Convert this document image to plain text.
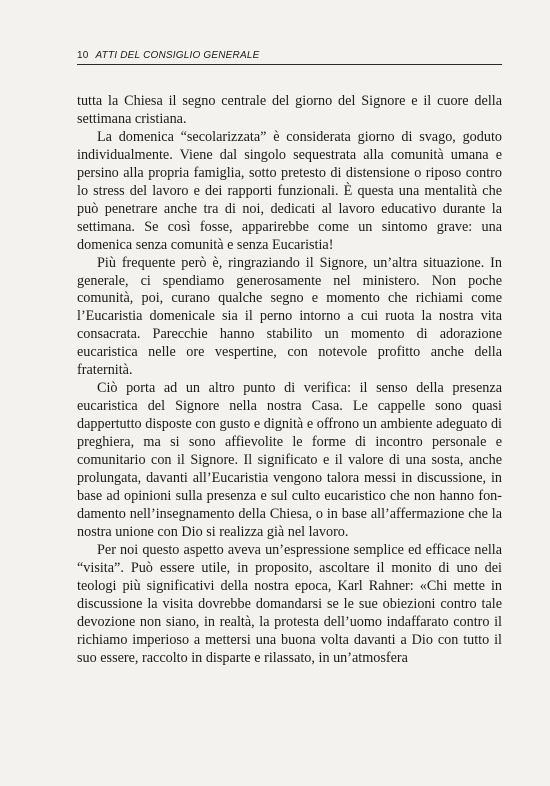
10 ATTI DEL CONSIGLIO GENERALE

tutta la Chiesa il segno centrale del giorno del Signore e il cuore della settimana cristiana.

La domenica “secolarizzata” è considerata giorno di svago, goduto individualmente. Viene dal singolo sequestrata alla comunità umana e persino alla propria famiglia, sotto pretesto di distensione o riposo contro lo stress del lavoro e dei rapporti funzionali. È questa una mentalità che può penetrare anche tra di noi, dedicati al lavoro educativo durante la settimana. Se così fosse, apparirebbe come un sintomo grave: una domenica senza comunità e senza Eucaristia!

Più frequente però è, ringraziando il Signore, un’altra situazione. In generale, ci spendiamo generosamente nel ministero. Non poche comunità, poi, curano qualche segno e momento che richiami come l’Eucaristia domenicale sia il perno intorno a cui ruota la nostra vita consacrata. Parecchie hanno stabilito un momento di adorazione eucaristica nelle ore vespertine, con notevole profitto anche della fraternità.

Ciò porta ad un altro punto di verifica: il senso della presenza eucaristica del Signore nella nostra Casa. Le cappelle sono quasi dappertutto disposte con gusto e dignità e offrono un ambiente adeguato di preghiera, ma si sono affievolite le forme di incontro personale e comunitario con il Signore. Il significato e il valore di una sosta, anche prolungata, davanti all’Eucaristia vengono talora messi in discussione, in base ad opinioni sulla presenza e sul culto eucaristico che non hanno fondamento nell’insegnamento della Chiesa, o in base all’affermazione che la nostra unione con Dio si realizza già nel lavoro.

Per noi questo aspetto aveva un’espressione semplice ed efficace nella “visita”. Può essere utile, in proposito, ascoltare il monito di uno dei teologi più significativi della nostra epoca, Karl Rahner: «Chi mette in discussione la visita dovrebbe domandarsi se le sue obiezioni contro tale devozione non siano, in realtà, la protesta dell’uomo indaffarato contro il richiamo imperioso a mettersi una buona volta davanti a Dio con tutto il suo essere, raccolto in disparte e rilassato, in un’atmosfera
